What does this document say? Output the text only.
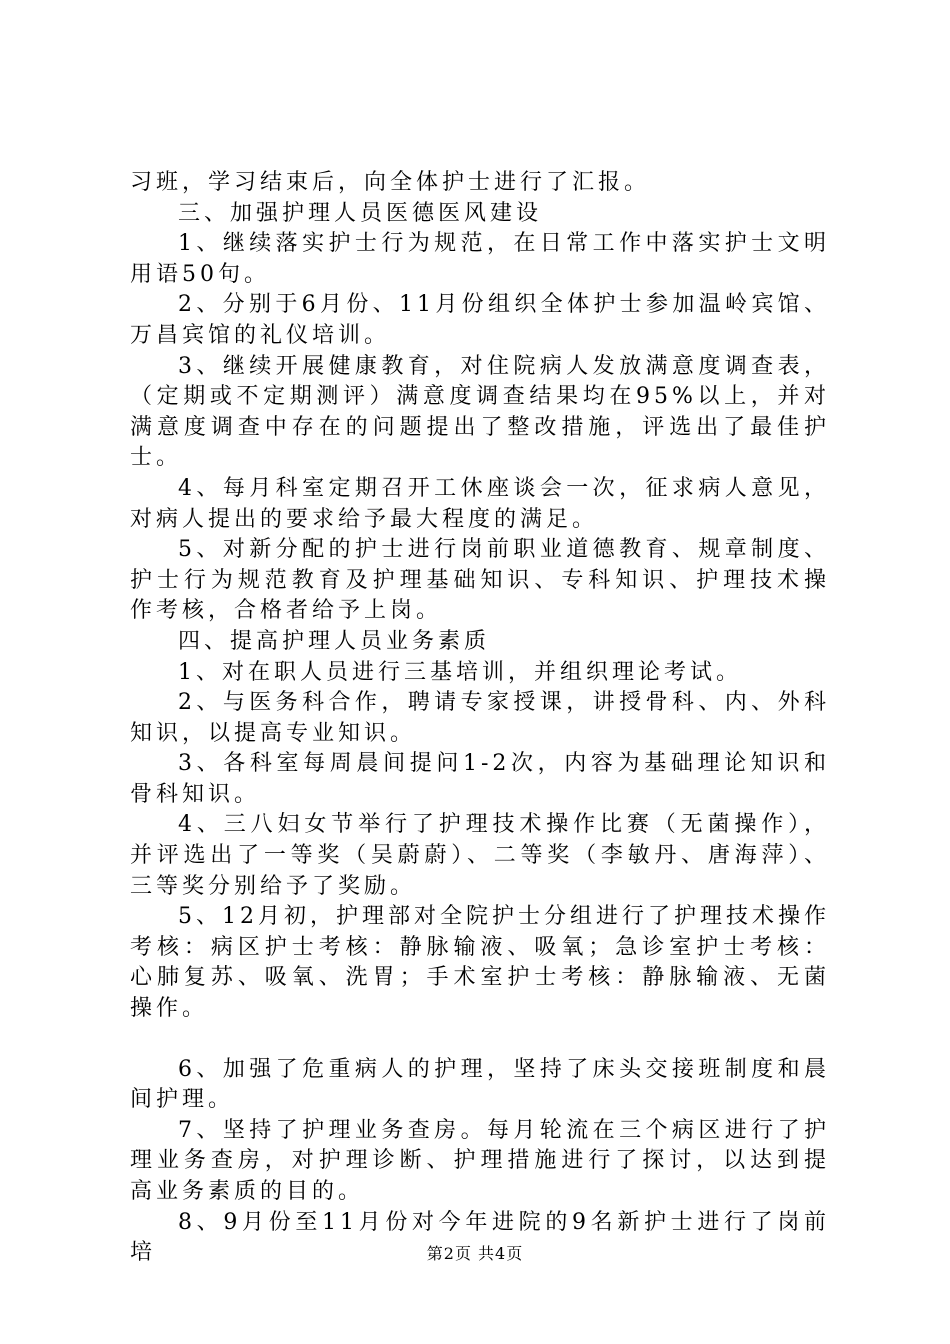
习班，学习结束后，向全体护士进行了汇报。

三、加强护理人员医德医风建设

1、继续落实护士行为规范，在日常工作中落实护士文明用语50句。

2、分别于6月份、11月份组织全体护士参加温岭宾馆、万昌宾馆的礼仪培训。

3、继续开展健康教育，对住院病人发放满意度调查表，（定期或不定期测评）满意度调查结果均在95%以上，并对满意度调查中存在的问题提出了整改措施，评选出了最佳护士。

4、每月科室定期召开工休座谈会一次，征求病人意见，对病人提出的要求给予最大程度的满足。

5、对新分配的护士进行岗前职业道德教育、规章制度、护士行为规范教育及护理基础知识、专科知识、护理技术操作考核，合格者给予上岗。

四、提高护理人员业务素质

1、对在职人员进行三基培训，并组织理论考试。

2、与医务科合作，聘请专家授课，讲授骨科、内、外科知识，以提高专业知识。

3、各科室每周晨间提问1-2次，内容为基础理论知识和骨科知识。

4、三八妇女节举行了护理技术操作比赛（无菌操作），并评选出了一等奖（吴蔚蔚）、二等奖（李敏丹、唐海萍）、三等奖分别给予了奖励。

5、12月初，护理部对全院护士分组进行了护理技术操作考核：病区护士考核：静脉输液、吸氧；急诊室护士考核：心肺复苏、吸氧、洗胃；手术室护士考核：静脉输液、无菌操作。

6、加强了危重病人的护理，坚持了床头交接班制度和晨间护理。

7、坚持了护理业务查房。每月轮流在三个病区进行了护理业务查房，对护理诊断、护理措施进行了探讨，以达到提高业务素质的目的。

8、9月份至11月份对今年进院的9名新护士进行了岗前培	第2页 共4页
